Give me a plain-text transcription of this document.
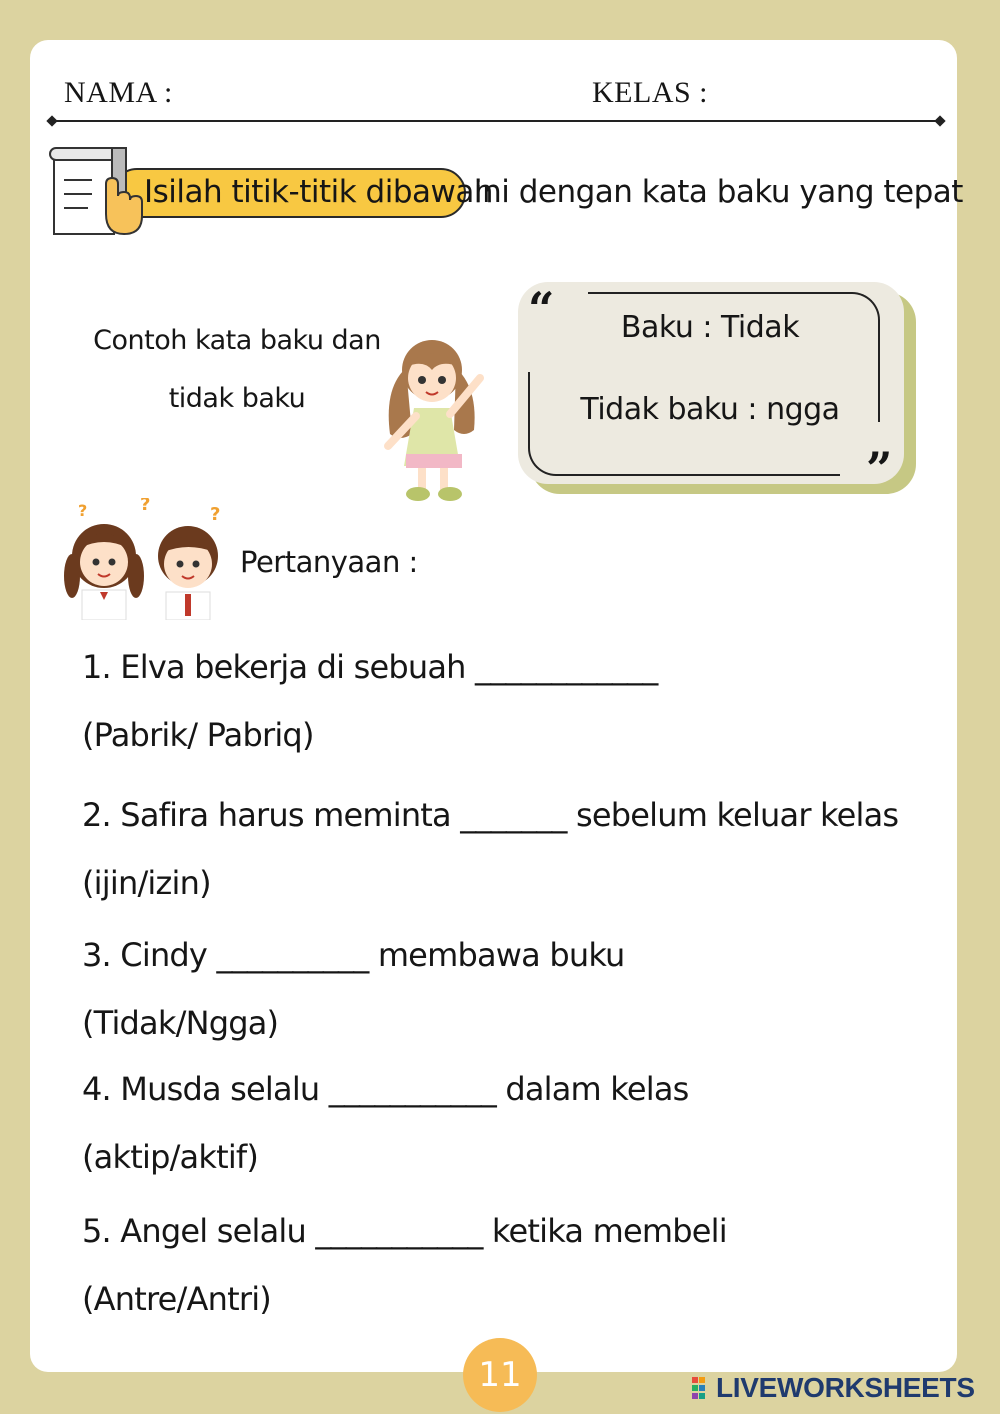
NAMA :	KELAS :
Isilah titik-titik dibawah
ini dengan kata baku yang tepat
Contoh kata baku dan
tidak baku
“
”
Baku : Tidak
Tidak baku : ngga
?	?	?
Pertanyaan :
1. Elva bekerja di sebuah ____________
(Pabrik/ Pabriq)
2. Safira harus meminta _______ sebelum keluar kelas
(ijin/izin)
3. Cindy __________ membawa buku
(Tidak/Ngga)
4. Musda selalu ___________ dalam kelas
(aktip/aktif)
5. Angel selalu ___________ ketika membeli
(Antre/Antri)
11	LIVEWORKSHEETS
